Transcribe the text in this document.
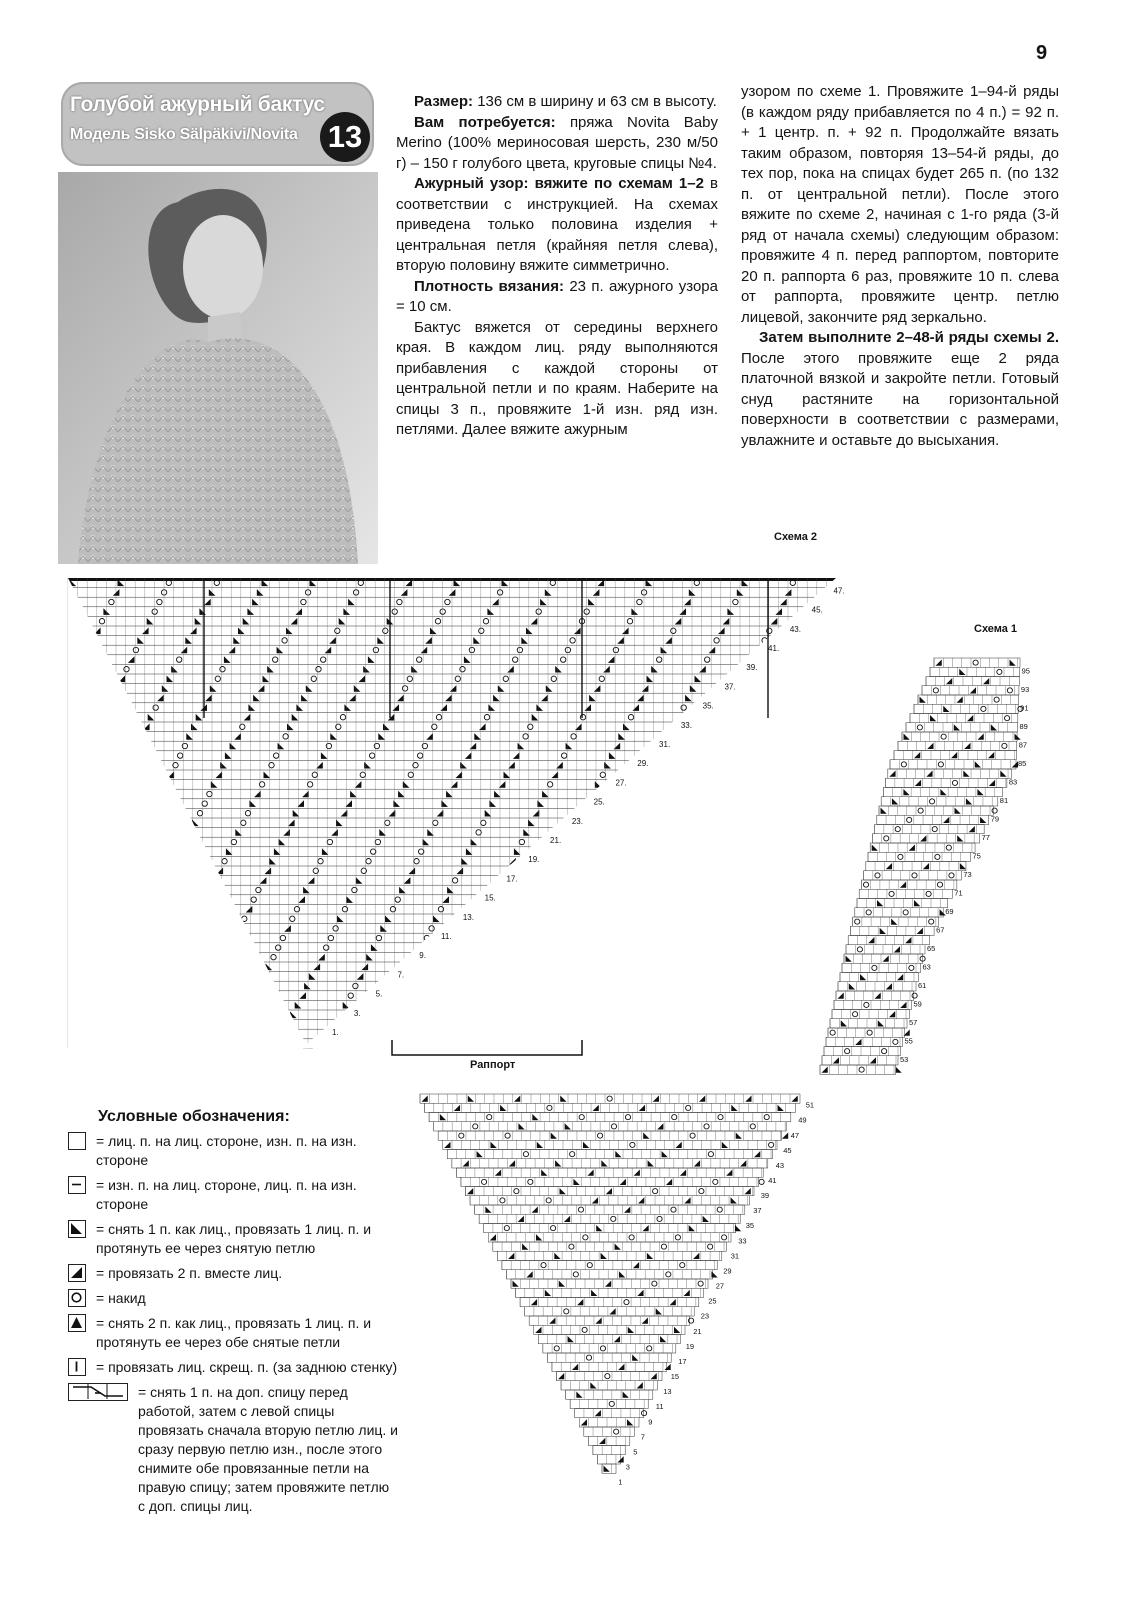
9
Голубой ажурный бактус
Модель Sisko Sälpäkivi/Novita 13

Размер: 136 см в ширину и 63 см в высоту.

Вам потребуется: пряжа Novita Baby Merino (100% мериносовая шерсть, 230 м/50 г) – 150 г голубого цвета, круговые спицы №4.

Ажурный узор: вяжите по схемам 1–2 в соответствии с инструкцией. На схемах приведена только половина изделия + центральная петля (крайняя петля слева), вторую половину вяжите симметрично.

Плотность вязания: 23 п. ажурного узора = 10 см.

Бактус вяжется от середины верхнего края. В каждом лиц. ряду выполняются прибавления с каждой стороны от центральной петли и по краям. Наберите на спицы 3 п., провяжите 1-й изн. ряд изн. петлями. Далее вяжите ажурным

узором по схеме 1. Провяжите 1–94-й ряды (в каждом ряду прибавляется по 4 п.) = 92 п. + 1 центр. п. + 92 п. Продолжайте вязать таким образом, повторяя 13–54-й ряды, до тех пор, пока на спицах будет 265 п. (по 132 п. от центральной петли). После этого вяжите по схеме 2, начиная с 1-го ряда (3-й ряд от начала схемы) следующим образом: провяжите 4 п. перед раппортом, повторите 20 п. раппорта 6 раз, провяжите 10 п. слева от раппорта, провяжите центр. петлю лицевой, закончите ряд зеркально.

Затем выполните 2–48-й ряды схемы 2. После этого провяжите еще 2 ряда платочной вязкой и закройте петли. Готовый снуд растяните на горизонтальной поверхности в соответствии с размерами, увлажните и оставьте до высыхания.

Схема 2
Схема 1
Раппорт
47.
45.
43.
41.
39.
37.
35.
33.
31.
29.
27.
25.
23.
21.
19.
17.
15.
13.
11.
9.
7.
5.
3.
1.
95
93
91
89
87
85
83
81
79
77
75
73
71
69
67
65
63
61
59
57
55
53
51
49
47
45
43
41
39
37
35
33
31
29
27
25
23
21
19
17
15
13
11
9
7
5
3
1
Условные обозначения:
= лиц. п. на лиц. стороне, изн. п. на изн. стороне
= изн. п. на лиц. стороне, лиц. п. на изн. стороне
= снять 1 п. как лиц., провязать 1 лиц. п. и протянуть ее через снятую петлю
= провязать 2 п. вместе лиц.
= накид
= снять 2 п. как лиц., провязать 1 лиц. п. и протянуть ее через обе снятые петли
= провязать лиц. скрещ. п. (за заднюю стенку)
= снять 1 п. на доп. спицу перед работой, затем с левой спицы провязать сначала вторую петлю лиц. и сразу первую петлю изн., после этого снимите обе провязанные петли на правую спицу; затем провяжите петлю с доп. спицы лиц.
